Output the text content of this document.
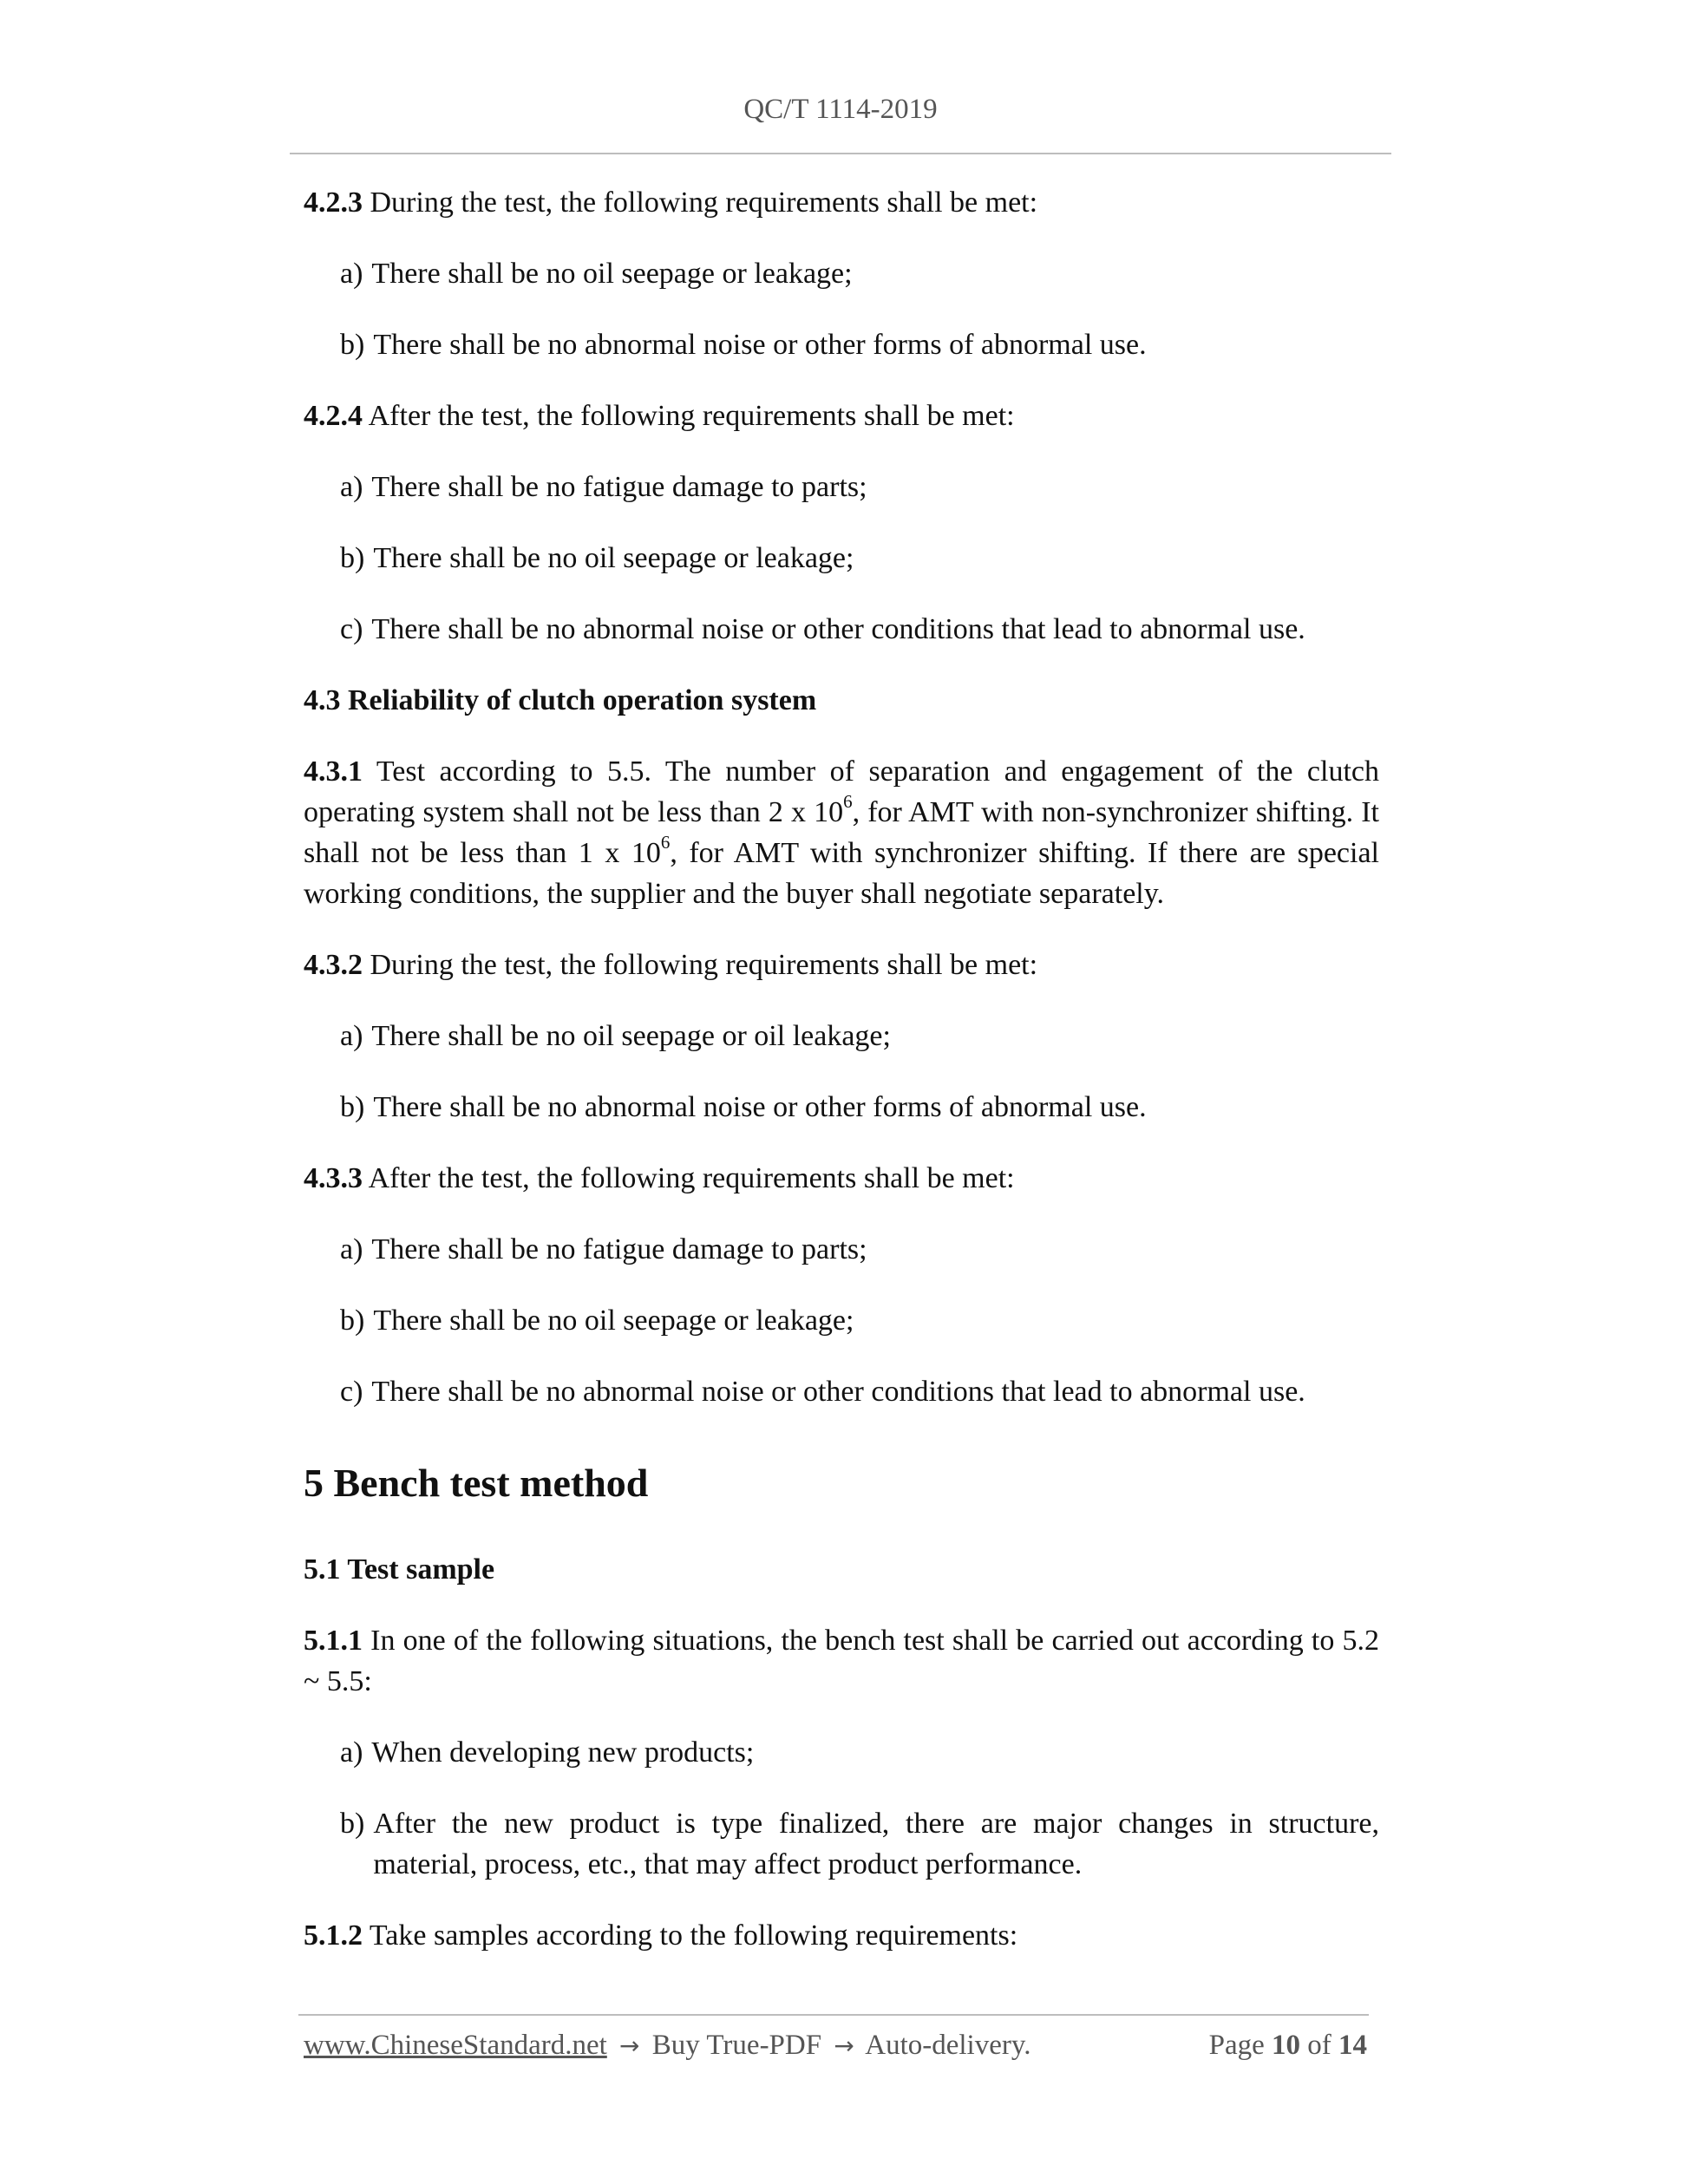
QC/T 1114-2019
4.2.3 During the test, the following requirements shall be met:
a) There shall be no oil seepage or leakage;
b) There shall be no abnormal noise or other forms of abnormal use.
4.2.4 After the test, the following requirements shall be met:
a) There shall be no fatigue damage to parts;
b) There shall be no oil seepage or leakage;
c) There shall be no abnormal noise or other conditions that lead to abnormal use.
4.3 Reliability of clutch operation system
4.3.1 Test according to 5.5. The number of separation and engagement of the clutch operating system shall not be less than 2 x $10^6$, for AMT with non-synchronizer shifting. It shall not be less than 1 x $10^6$, for AMT with synchronizer shifting. If there are special working conditions, the supplier and the buyer shall negotiate separately.
4.3.2 During the test, the following requirements shall be met:
a) There shall be no oil seepage or oil leakage;
b) There shall be no abnormal noise or other forms of abnormal use.
4.3.3 After the test, the following requirements shall be met:
a) There shall be no fatigue damage to parts;
b) There shall be no oil seepage or leakage;
c) There shall be no abnormal noise or other conditions that lead to abnormal use.
5 Bench test method
5.1 Test sample
5.1.1 In one of the following situations, the bench test shall be carried out according to 5.2 ~ 5.5:
a) When developing new products;
b) After the new product is type finalized, there are major changes in structure, material, process, etc., that may affect product performance.
5.1.2 Take samples according to the following requirements:
www.ChineseStandard.net → Buy True-PDF → Auto-delivery.	Page 10 of 14
